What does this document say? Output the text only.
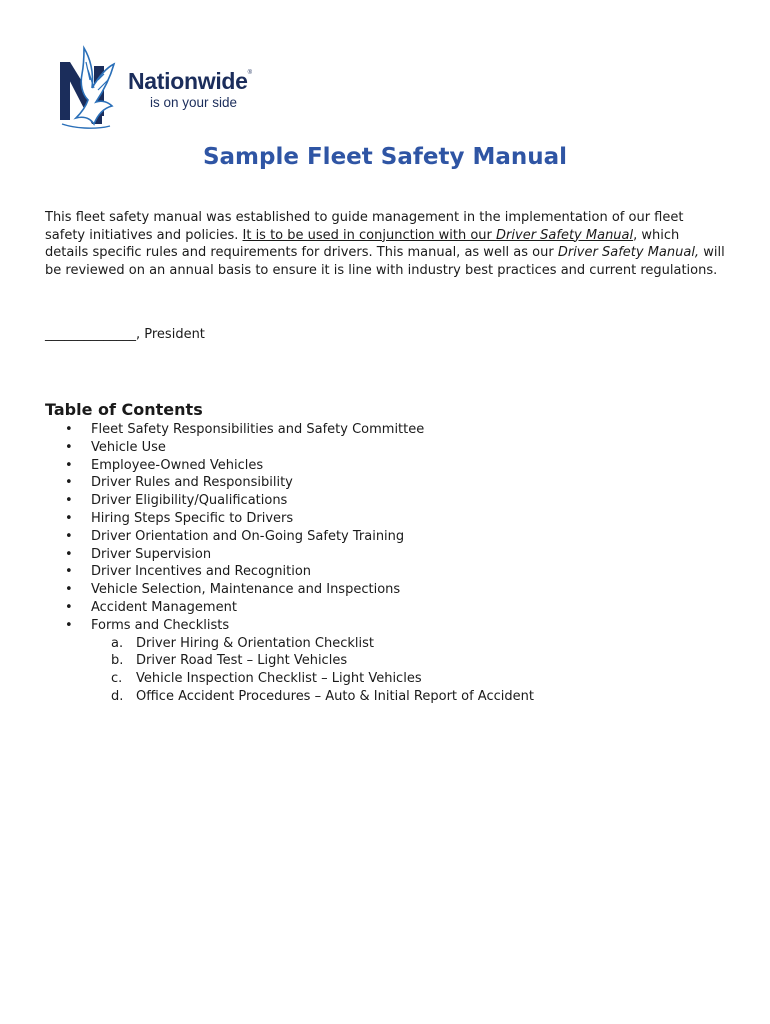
Nationwide®
is on your side
Sample Fleet Safety Manual
This fleet safety manual was established to guide management in the implementation of our fleet safety initiatives and policies. It is to be used in conjunction with our Driver Safety Manual, which details specific rules and requirements for drivers. This manual, as well as our Driver Safety Manual, will be reviewed on an annual basis to ensure it is line with industry best practices and current regulations.
______________, President
Table of Contents
• Fleet Safety Responsibilities and Safety Committee
• Vehicle Use
• Employee-Owned Vehicles
• Driver Rules and Responsibility
• Driver Eligibility/Qualifications
• Hiring Steps Specific to Drivers
• Driver Orientation and On-Going Safety Training
• Driver Supervision
• Driver Incentives and Recognition
• Vehicle Selection, Maintenance and Inspections
• Accident Management
• Forms and Checklists
a. Driver Hiring & Orientation Checklist
b. Driver Road Test – Light Vehicles
c. Vehicle Inspection Checklist – Light Vehicles
d. Office Accident Procedures – Auto & Initial Report of Accident
